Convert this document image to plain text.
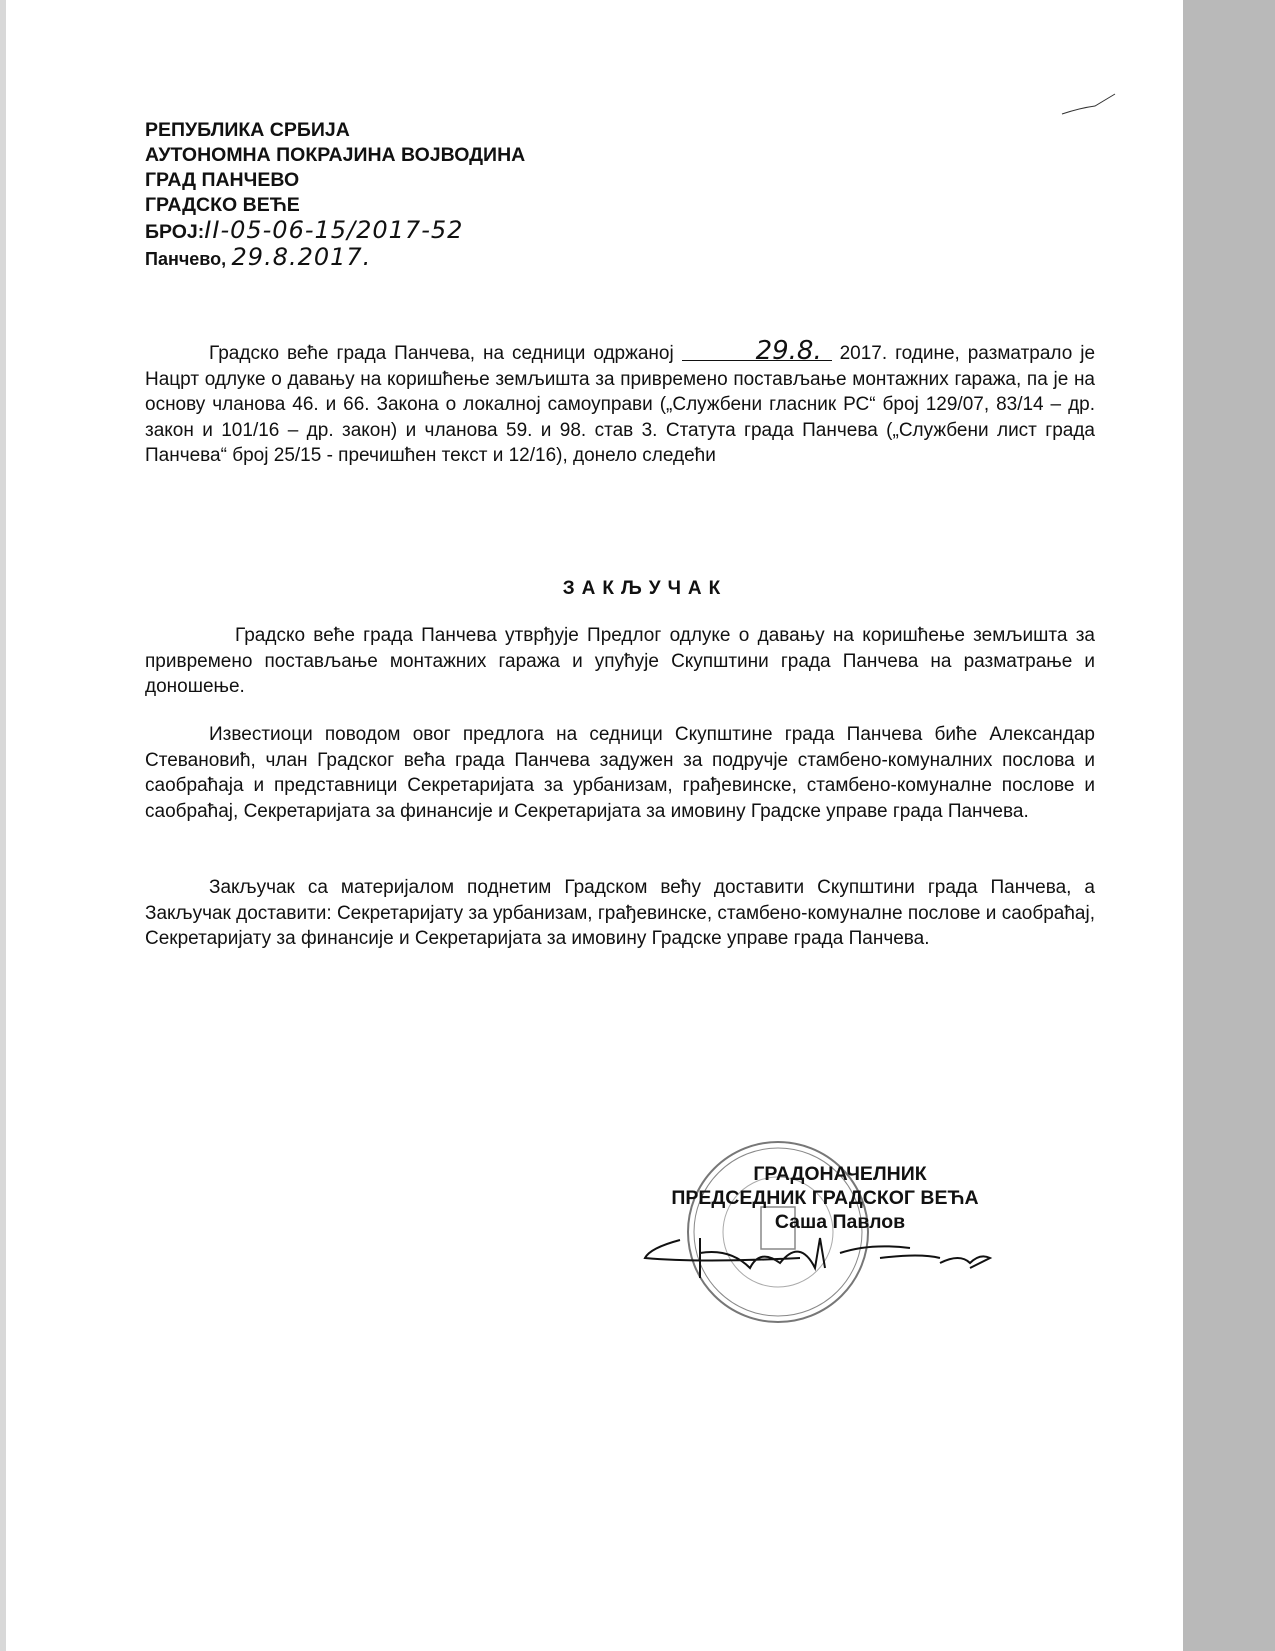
РЕПУБЛИКА СРБИЈА
АУТОНОМНА ПОКРАЈИНА ВОЈВОДИНА
ГРАД ПАНЧЕВО
ГРАДСКО ВЕЋЕ
БРОЈ:II-05-06-15/2017-52
Панчево, 29.8.2017.
Градско веће града Панчева, на седници одржаној	29.8. 2017. године, разматрало је Нацрт одлуке о давању на коришћење земљишта за привремено постављање монтажних гаража, па је на основу чланова 46. и 66. Закона о локалној самоуправи („Службени гласник РС“ број 129/07, 83/14 – др. закон и 101/16 – др. закон) и чланова 59. и 98. став 3. Статута града Панчева („Службени лист града Панчева“ број 25/15 - пречишћен текст и 12/16), донело следећи
ЗАКЉУЧАК
Градско веће града Панчева утврђује Предлог одлуке о давању на коришћење земљишта за привремено постављање монтажних гаража и упућује Скупштини града Панчева на разматрање и доношење.
Известиоци поводом овог предлога на седници Скупштине града Панчева биће Александар Стевановић, члан Градског већа града Панчева задужен за подручје стамбено-комуналних послова и саобраћаја и представници Секретаријата за урбанизам, грађевинске, стамбено-комуналне послове и саобраћај, Секретаријата за финансије и Секретаријата за имовину Градске управе града Панчева.
Закључак са материјалом поднетим Градском већу доставити Скупштини града Панчева, а Закључак доставити: Секретаријату за урбанизам, грађевинске, стамбено-комуналне послове и саобраћај, Секретаријату за финансије и Секретаријата за имовину Градске управе града Панчева.
ГРАДОНАЧЕЛНИК
ПРЕДСЕДНИК ГРАДСКОГ ВЕЋА
Саша Павлов
